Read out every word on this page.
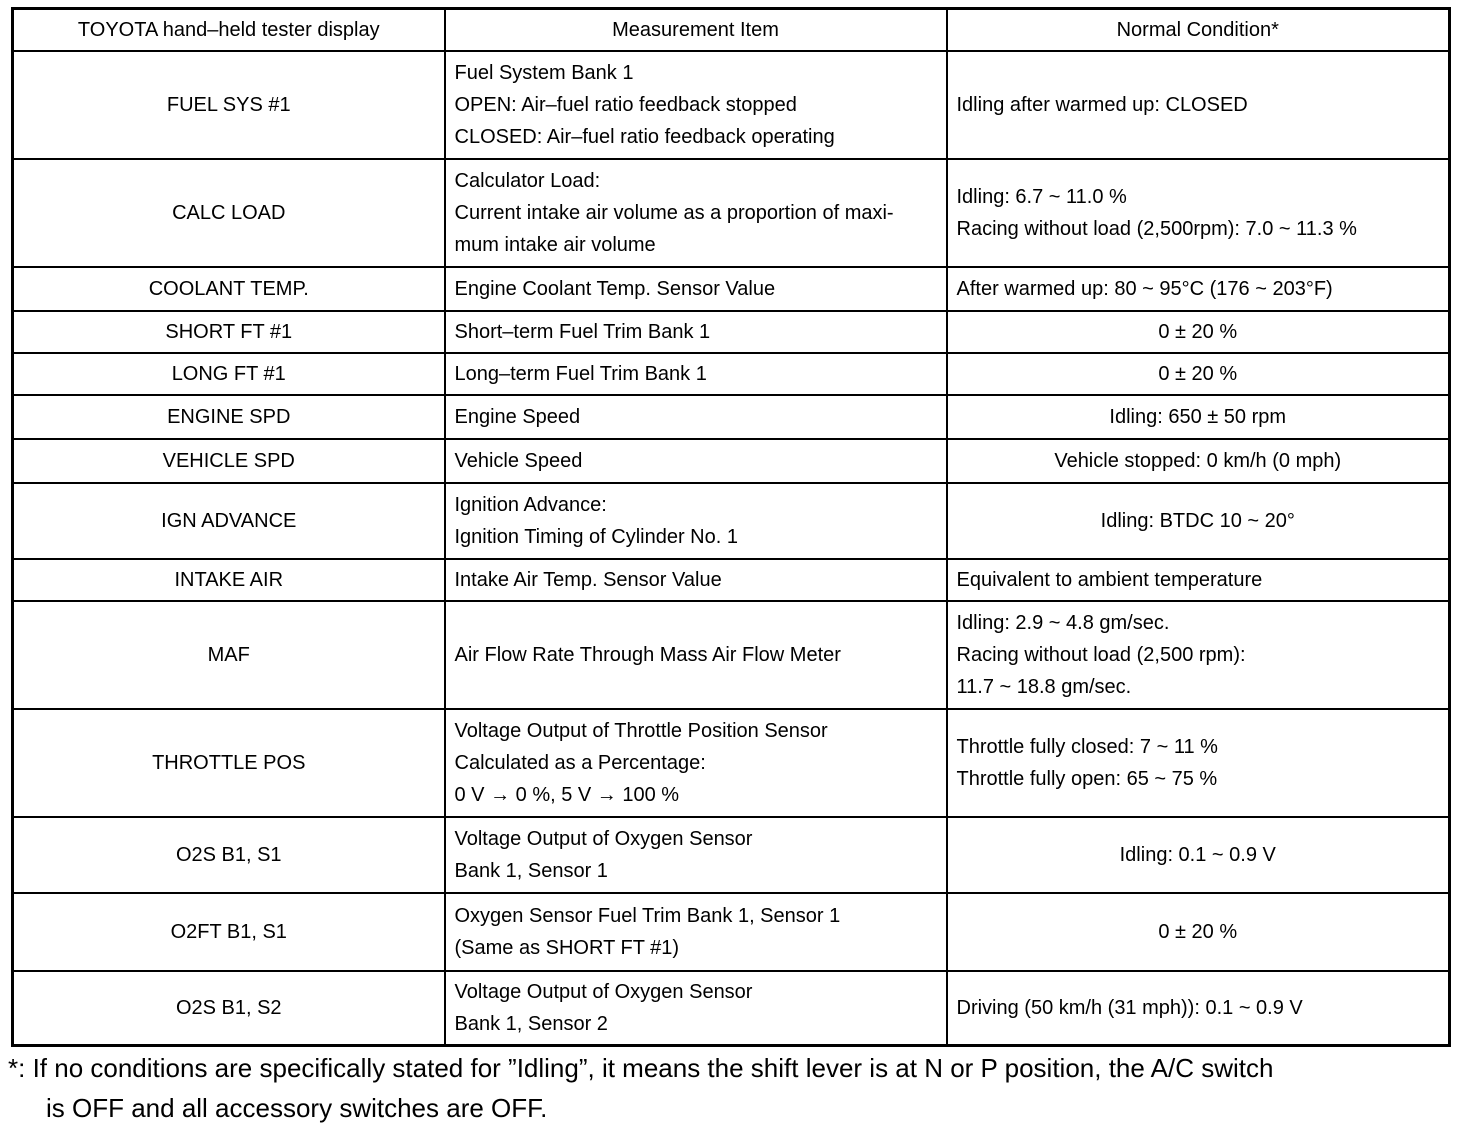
TOYOTA hand–held tester display	Measurement Item	Normal Condition*
FUEL SYS #1	Fuel System Bank 1
OPEN: Air–fuel ratio feedback stopped
CLOSED: Air–fuel ratio feedback operating	Idling after warmed up: CLOSED

CALC LOAD	Calculator Load:
Current intake air volume as a proportion of maxi-
mum intake air volume	Idling: 6.7 ~ 11.0 %
Racing without load (2,500rpm): 7.0 ~ 11.3 %

COOLANT TEMP.	Engine Coolant Temp. Sensor Value	After warmed up: 80 ~ 95°C (176 ~ 203°F)

SHORT FT #1	Short–term Fuel Trim Bank 1	0 ± 20 %

LONG FT #1	Long–term Fuel Trim Bank 1	0 ± 20 %

ENGINE SPD	Engine Speed	Idling: 650 ± 50 rpm

VEHICLE SPD	Vehicle Speed	Vehicle stopped: 0 km/h (0 mph)

IGN ADVANCE	Ignition Advance:
Ignition Timing of Cylinder No. 1	Idling: BTDC 10 ~ 20°

INTAKE AIR	Intake Air Temp. Sensor Value	Equivalent to ambient temperature

MAF	Air Flow Rate Through Mass Air Flow Meter	Idling: 2.9 ~ 4.8 gm/sec.
Racing without load (2,500 rpm):
11.7 ~ 18.8 gm/sec.

THROTTLE POS	Voltage Output of Throttle Position Sensor
Calculated as a Percentage:
0 V → 0 %, 5 V → 100 %	Throttle fully closed: 7 ~ 11 %
Throttle fully open: 65 ~ 75 %

O2S B1, S1	Voltage Output of Oxygen Sensor
Bank 1, Sensor 1	Idling: 0.1 ~ 0.9 V

O2FT B1, S1	Oxygen Sensor Fuel Trim Bank 1, Sensor 1
(Same as SHORT FT #1)	0 ± 20 %

O2S B1, S2	Voltage Output of Oxygen Sensor
Bank 1, Sensor 2	Driving (50 km/h (31 mph)): 0.1 ~ 0.9 V
*: If no conditions are specifically stated for ”Idling”, it means the shift lever is at N or P position, the A/C switch
is OFF and all accessory switches are OFF.
